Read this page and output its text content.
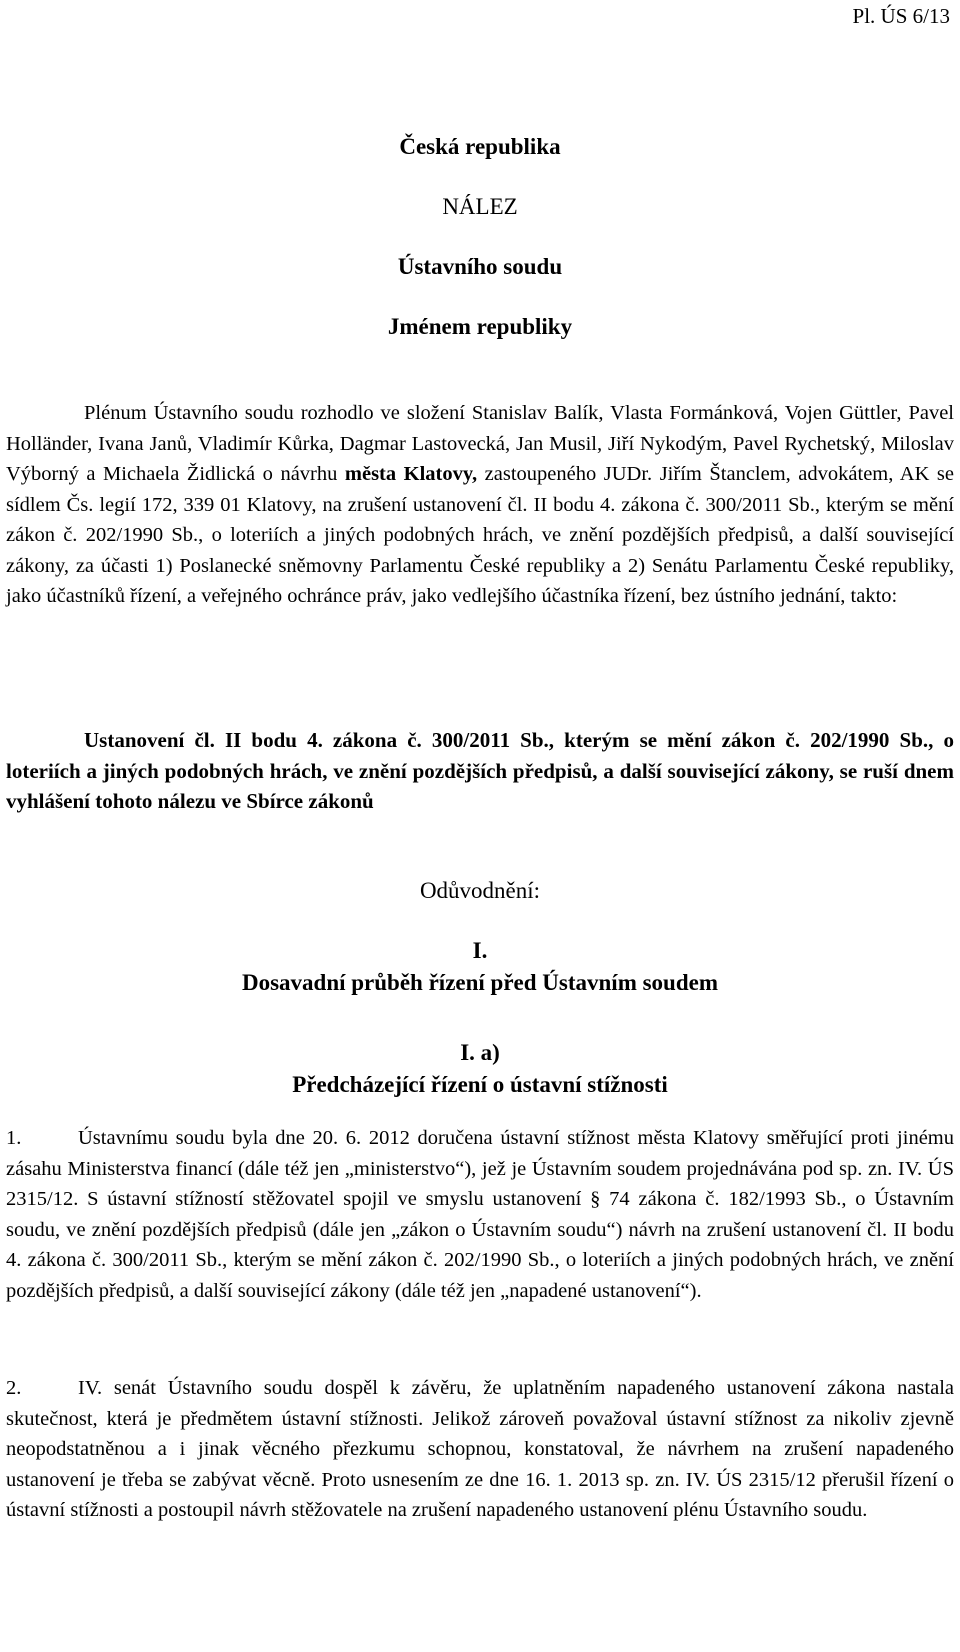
Pl. ÚS 6/13
Česká republika
NÁLEZ
Ústavního soudu
Jménem republiky

Plénum Ústavního soudu rozhodlo ve složení Stanislav Balík, Vlasta Formánková, Vojen Güttler, Pavel Holländer, Ivana Janů, Vladimír Kůrka, Dagmar Lastovecká, Jan Musil, Jiří Nykodým, Pavel Rychetský, Miloslav Výborný a Michaela Židlická o návrhu města Klatovy, zastoupeného JUDr. Jiřím Štanclem, advokátem, AK se sídlem Čs. legií 172, 339 01 Klatovy, na zrušení ustanovení čl. II bodu 4. zákona č. 300/2011 Sb., kterým se mění zákon č. 202/1990 Sb., o loteriích a jiných podobných hrách, ve znění pozdějších předpisů, a další související zákony, za účasti 1) Poslanecké sněmovny Parlamentu České republiky a 2) Senátu Parlamentu České republiky, jako účastníků řízení, a veřejného ochránce práv, jako vedlejšího účastníka řízení, bez ústního jednání, takto:

Ustanovení čl. II bodu 4. zákona č. 300/2011 Sb., kterým se mění zákon č. 202/1990 Sb., o loteriích a jiných podobných hrách, ve znění pozdějších předpisů, a další související zákony, se ruší dnem vyhlášení tohoto nálezu ve Sbírce zákonů

Odůvodnění:
I.
Dosavadní průběh řízení před Ústavním soudem
I. a)
Předcházející řízení o ústavní stížnosti

1.	Ústavnímu soudu byla dne 20. 6. 2012 doručena ústavní stížnost města Klatovy směřující proti jinému zásahu Ministerstva financí (dále též jen „ministerstvo“), jež je Ústavním soudem projednávána pod sp. zn. IV. ÚS 2315/12. S ústavní stížností stěžovatel spojil ve smyslu ustanovení § 74 zákona č. 182/1993 Sb., o Ústavním soudu, ve znění pozdějších předpisů (dále jen „zákon o Ústavním soudu“) návrh na zrušení ustanovení čl. II bodu 4. zákona č. 300/2011 Sb., kterým se mění zákon č. 202/1990 Sb., o loteriích a jiných podobných hrách, ve znění pozdějších předpisů, a další související zákony (dále též jen „napadené ustanovení“).

2.	IV. senát Ústavního soudu dospěl k závěru, že uplatněním napadeného ustanovení zákona nastala skutečnost, která je předmětem ústavní stížnosti. Jelikož zároveň považoval ústavní stížnost za nikoliv zjevně neopodstatněnou a i jinak věcného přezkumu schopnou, konstatoval, že návrhem na zrušení napadeného ustanovení je třeba se zabývat věcně. Proto usnesením ze dne 16. 1. 2013 sp. zn. IV. ÚS 2315/12 přerušil řízení o ústavní stížnosti a postoupil návrh stěžovatele na zrušení napadeného ustanovení plénu Ústavního soudu.
